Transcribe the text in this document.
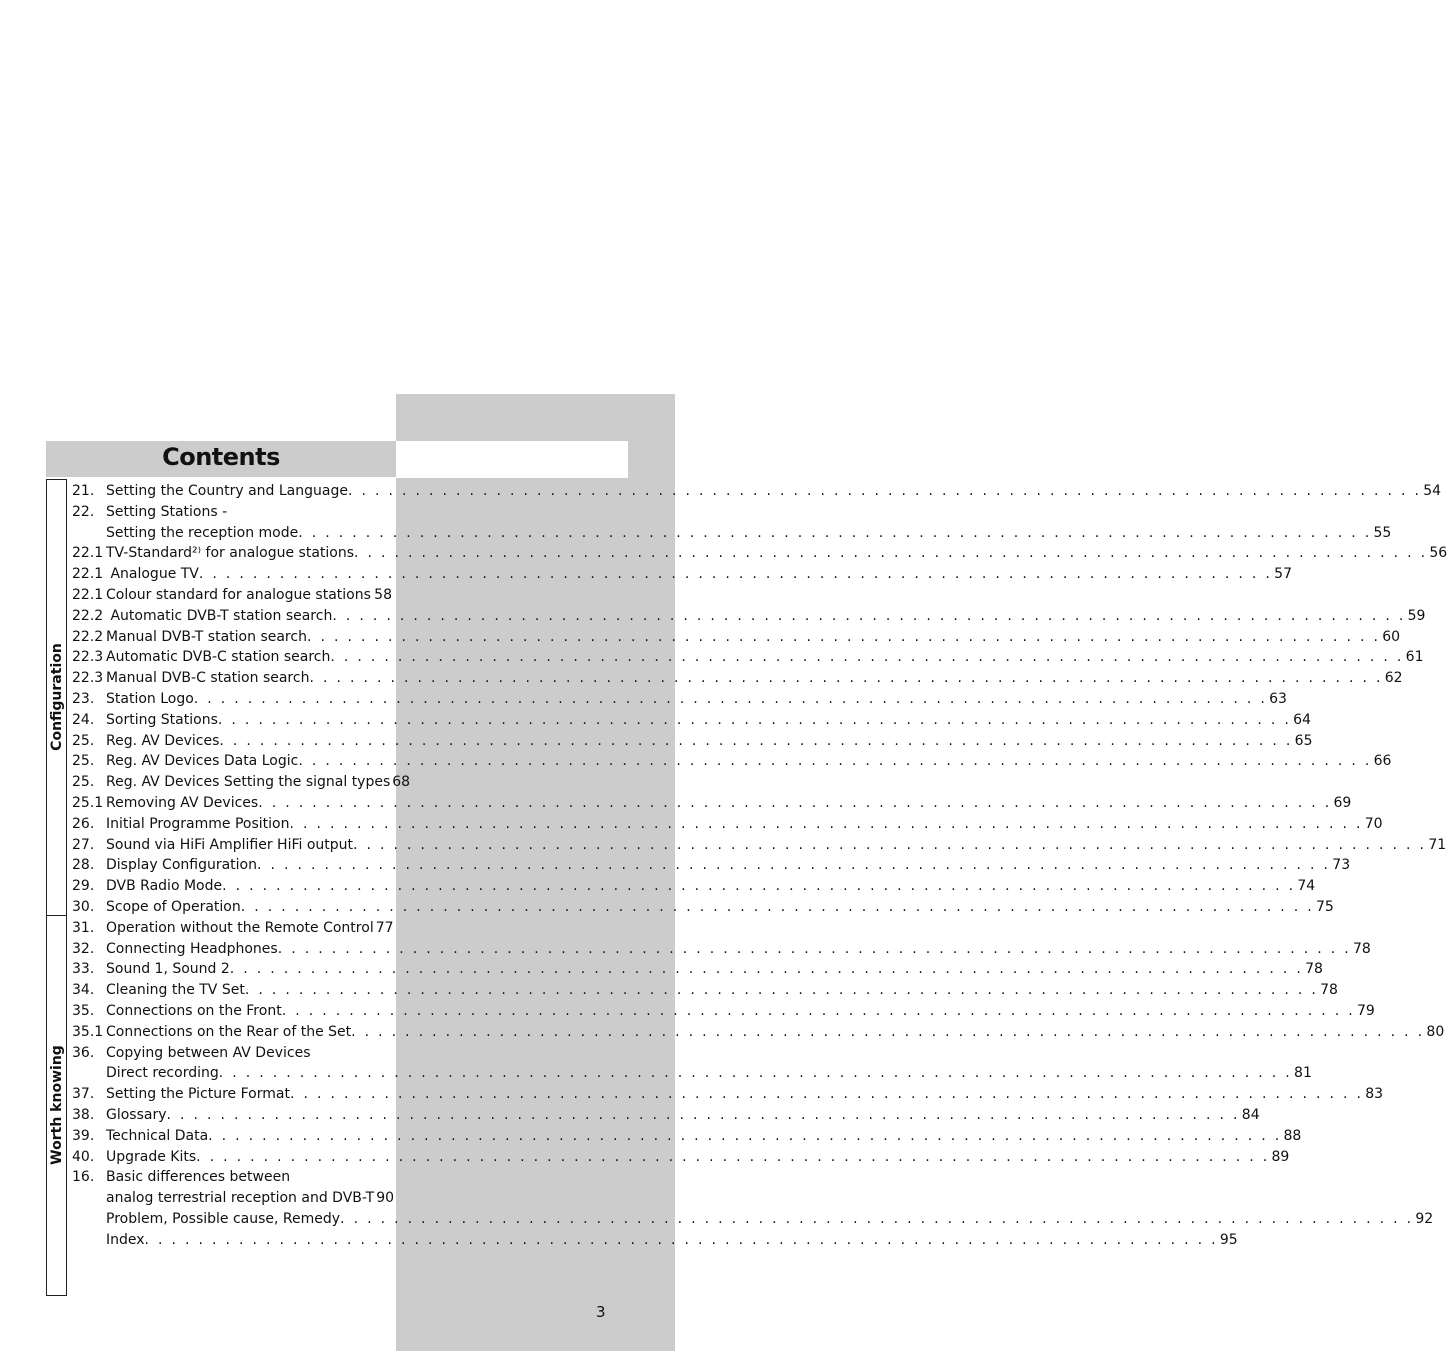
Contents
Configuration
Worth knowing
21. Setting the Country and Language . . .	54
22. Setting Stations -
Setting the reception mode . . .	55
22.1 TV-Standard²⁾ for analogue stations . . .	56
22.1 Analogue TV . . .	57
22.1 Colour standard for analogue stations . . . 58
22.2 Automatic DVB-T station search . . .	59
22.2 Manual DVB-T station search . . .	60
22.3 Automatic DVB-C station search . . .	61
22.3 Manual DVB-C station search . . .	62
23. Station Logo . . .	63
24. Sorting Stations . . .	64
25. Reg. AV Devices . . .	65
25. Reg. AV Devices Data Logic . . .	66
25. Reg. AV Devices Setting the signal types 68
25.1 Removing AV Devices . . .	69
26. Initial Programme Position . . .	70
27. Sound via HiFi Amplifier HiFi output . . .	71
28. Display Configuration . . .	73
29. DVB Radio Mode . . .	74
30. Scope of Operation . . .	75
31. Operation without the Remote Control 77
32. Connecting Headphones . . .	78
33. Sound 1, Sound 2 . . .	78
34. Cleaning the TV Set . . .	78
35. Connections on the Front . . .	79
35.1 Connections on the Rear of the Set . . .	80
36. Copying between AV Devices
Direct recording . . .	81
37. Setting the Picture Format . . .	83
38. Glossary . . .	84
39. Technical Data . . .	88
40. Upgrade Kits . . .	89
16. Basic differences between
analog terrestrial reception and DVB-T 90
Problem, Possible cause, Remedy . . .	92
Index . . .	95
3
